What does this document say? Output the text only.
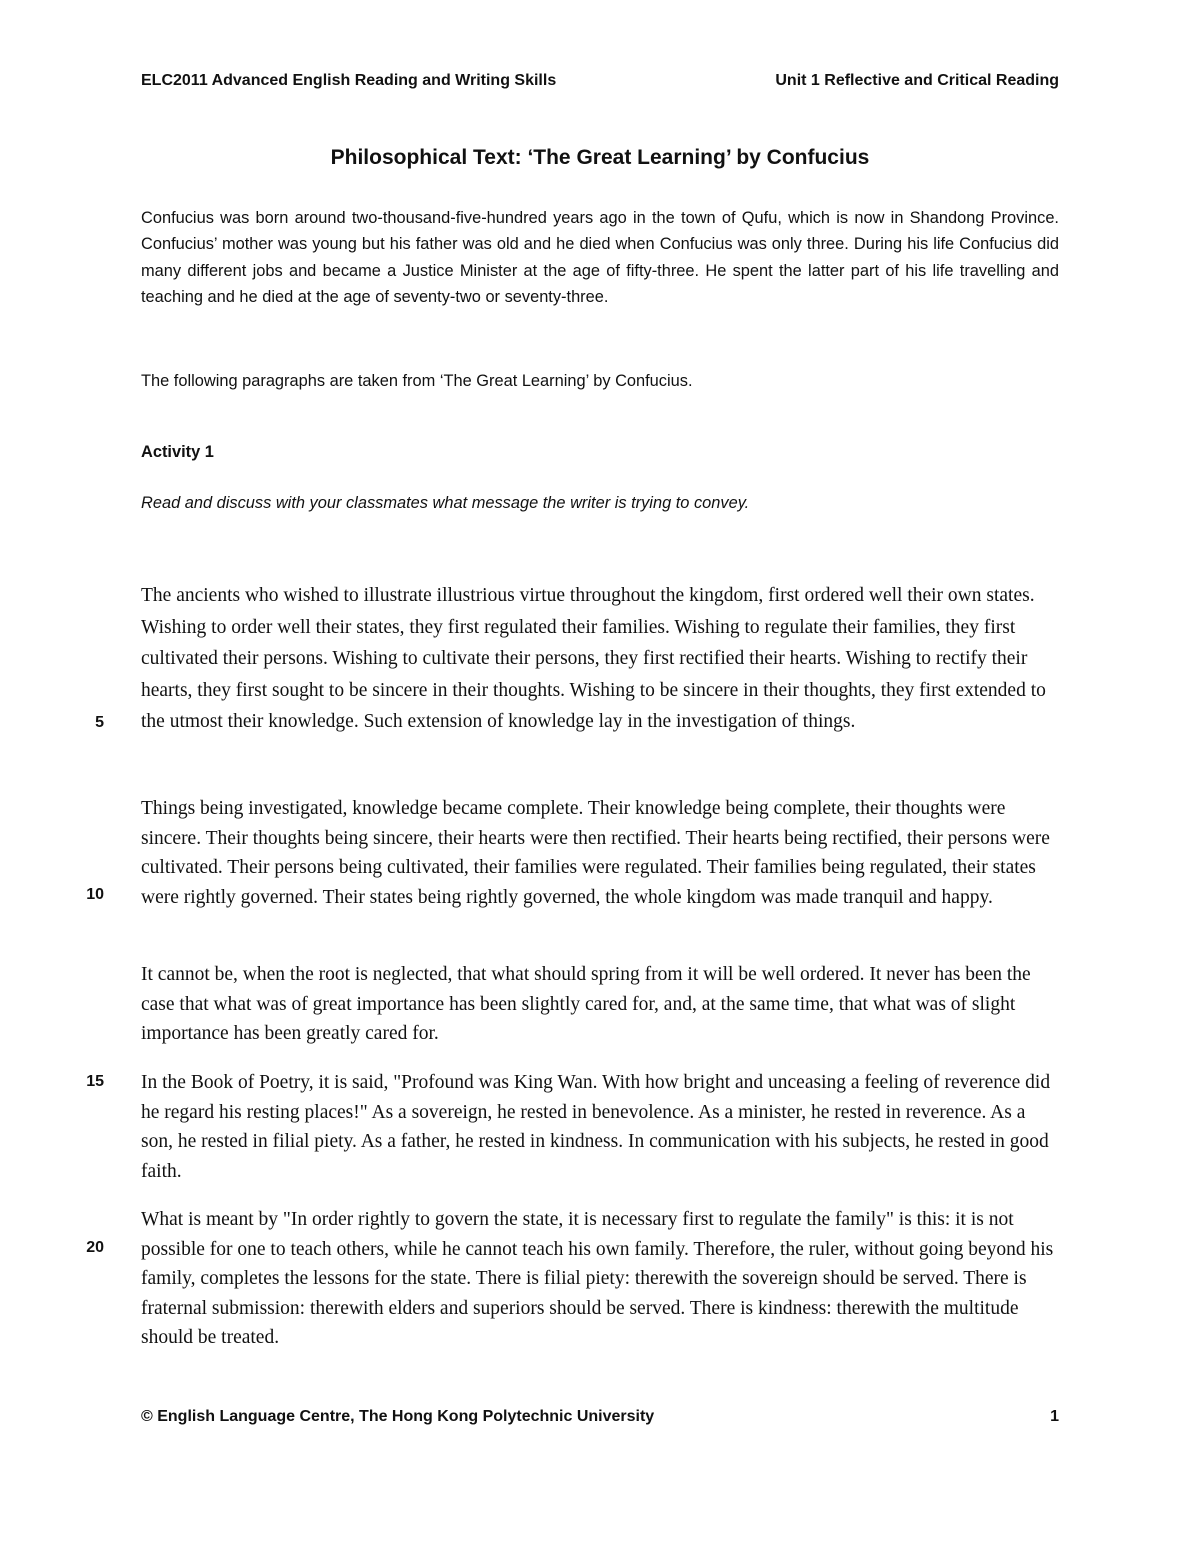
ELC2011 Advanced English Reading and Writing Skills	Unit 1 Reflective and Critical Reading
Philosophical Text: ‘The Great Learning’ by Confucius

Confucius was born around two-thousand-five-hundred years ago in the town of Qufu, which is now in Shandong Province. Confucius’ mother was young but his father was old and he died when Confucius was only three. During his life Confucius did many different jobs and became a Justice Minister at the age of fifty-three. He spent the latter part of his life travelling and teaching and he died at the age of seventy-two or seventy-three.

The following paragraphs are taken from ‘The Great Learning’ by Confucius.

Activity 1
Read and discuss with your classmates what message the writer is trying to convey.

The ancients who wished to illustrate illustrious virtue throughout the kingdom, first ordered well their own states. Wishing to order well their states, they first regulated their families. Wishing to regulate their families, they first cultivated their persons. Wishing to cultivate their persons, they first rectified their hearts. Wishing to rectify their hearts, they first sought to be sincere in their thoughts. Wishing to be sincere in their thoughts, they first extended to the utmost their knowledge. Such extension of knowledge lay in the investigation of things.

Things being investigated, knowledge became complete. Their knowledge being complete, their thoughts were sincere. Their thoughts being sincere, their hearts were then rectified. Their hearts being rectified, their persons were cultivated. Their persons being cultivated, their families were regulated. Their families being regulated, their states were rightly governed. Their states being rightly governed, the whole kingdom was made tranquil and happy.

It cannot be, when the root is neglected, that what should spring from it will be well ordered. It never has been the case that what was of great importance has been slightly cared for, and, at the same time, that what was of slight importance has been greatly cared for.

In the Book of Poetry, it is said, "Profound was King Wan. With how bright and unceasing a feeling of reverence did he regard his resting places!" As a sovereign, he rested in benevolence. As a minister, he rested in reverence. As a son, he rested in filial piety. As a father, he rested in kindness. In communication with his subjects, he rested in good faith.

What is meant by "In order rightly to govern the state, it is necessary first to regulate the family" is this: it is not possible for one to teach others, while he cannot teach his own family. Therefore, the ruler, without going beyond his family, completes the lessons for the state. There is filial piety: therewith the sovereign should be served. There is fraternal submission: therewith elders and superiors should be served. There is kindness: therewith the multitude should be treated.

5
10
15
20
© English Language Centre, The Hong Kong Polytechnic University	1
